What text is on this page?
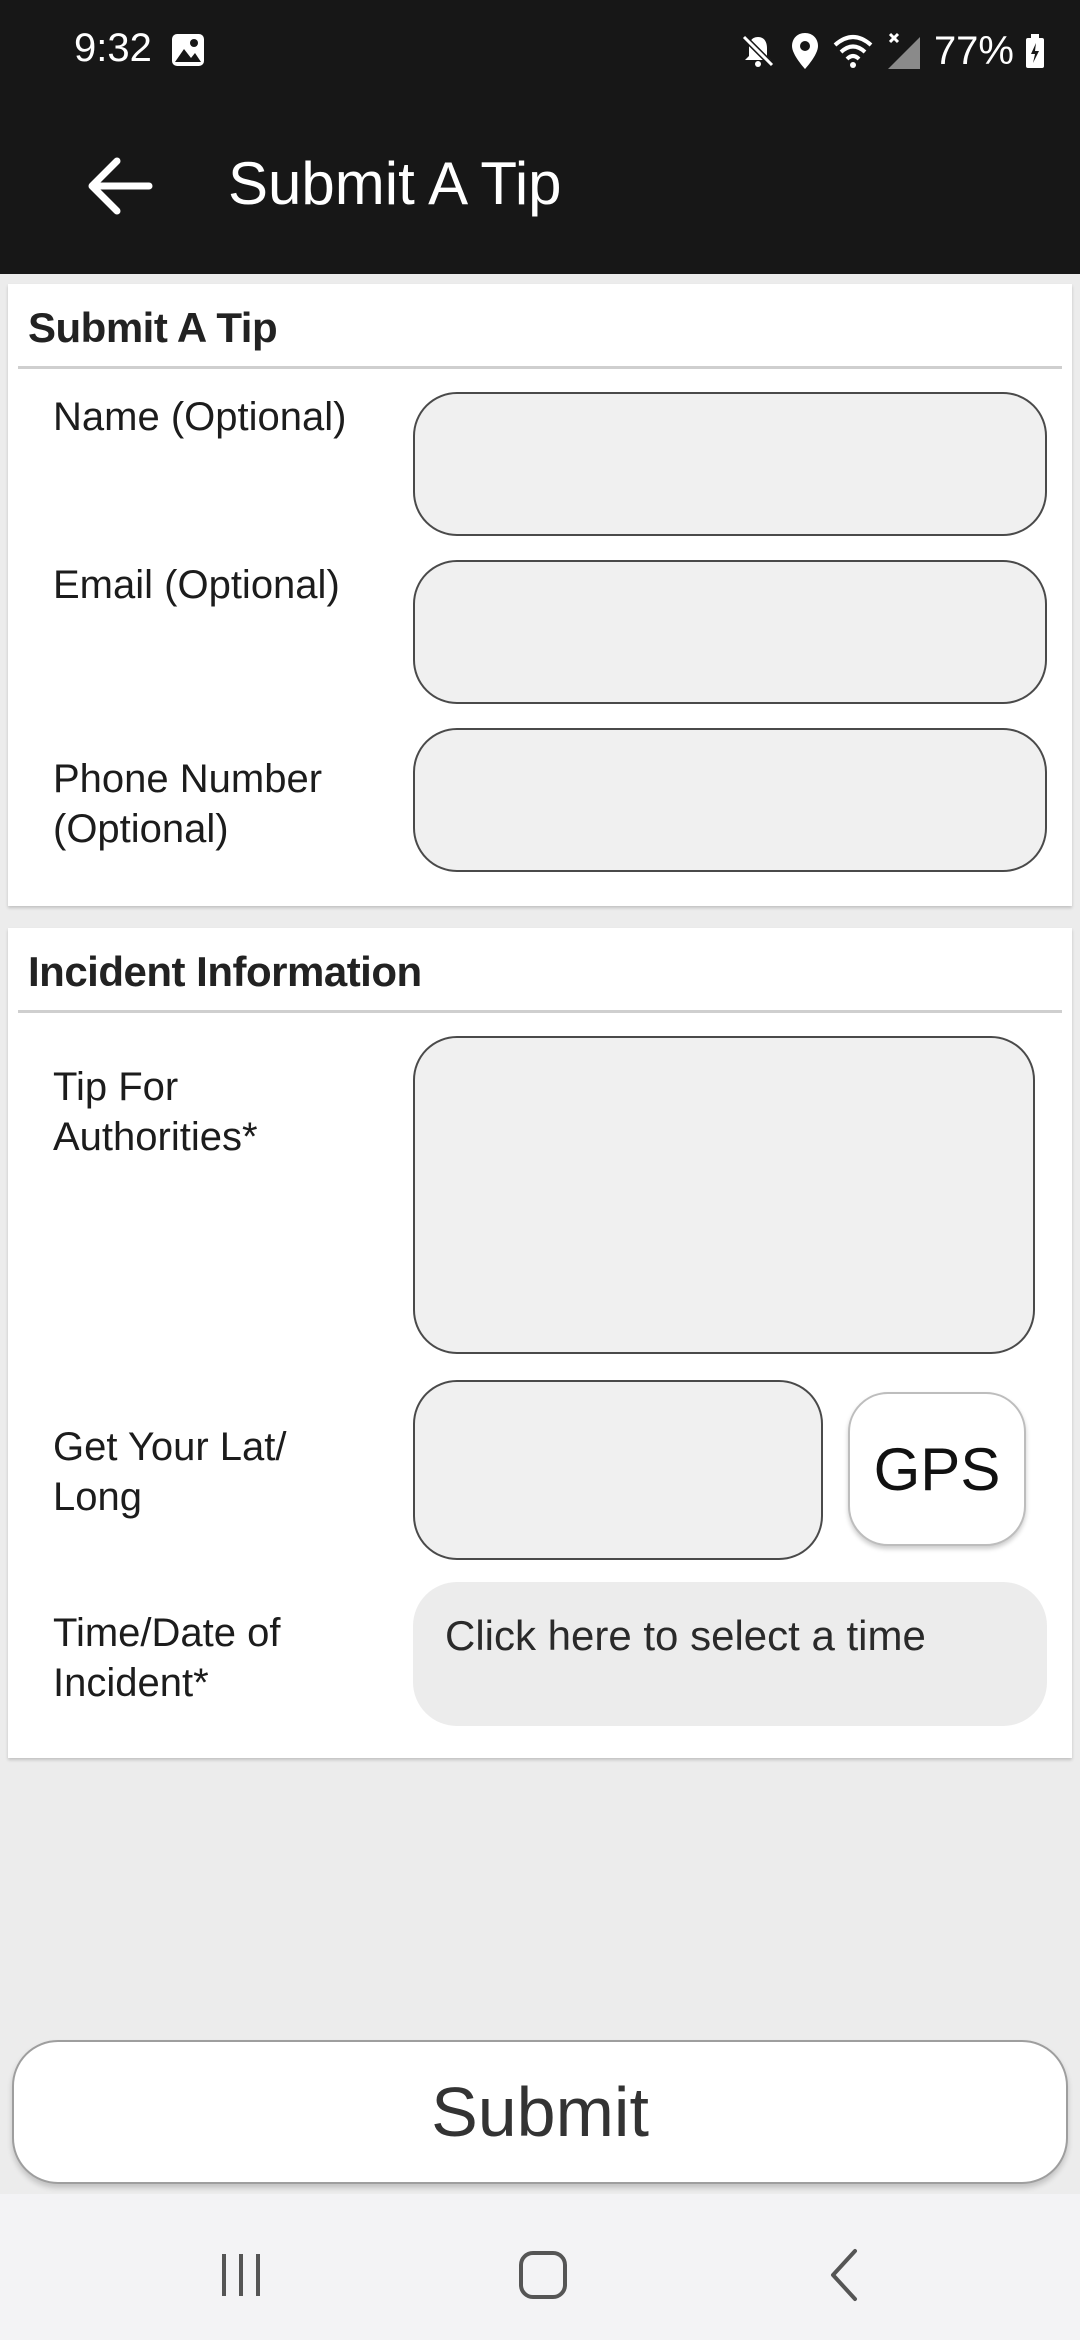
9:32	77%
Submit A Tip
Submit A Tip
Name (Optional)
Email (Optional)
Phone Number (Optional)
Incident Information
Tip For Authorities*
Get Your Lat/ Long	GPS
Time/Date of Incident*
Click here to select a time
Submit
